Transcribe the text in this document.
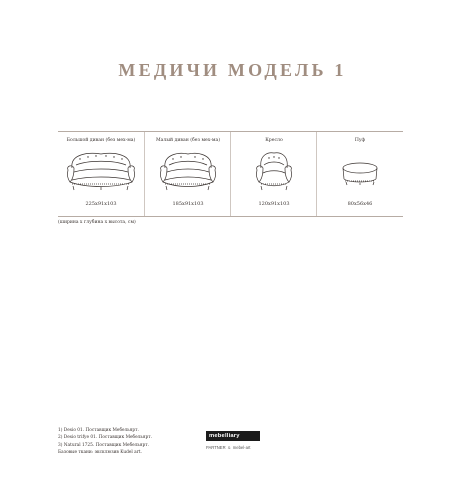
МЕДИЧИ МОДЕЛЬ 1
Большой диван (без мех-ма)
225х91х103
Малый диван (без мех-ма)
185х91х103
Кресло
120х91х103
Пуф
80х56х46
(ширина х глубина х высота, см)
1) Desio 01. Поставщик Мебельярт.
2) Desio trifye 01. Поставщик Мебельярт.
3) Natural 1725. Поставщик Мебельярт.
Базовые ткани: эксклюзив Kudel art.
mebelliary
PARTNER & mebel-art
